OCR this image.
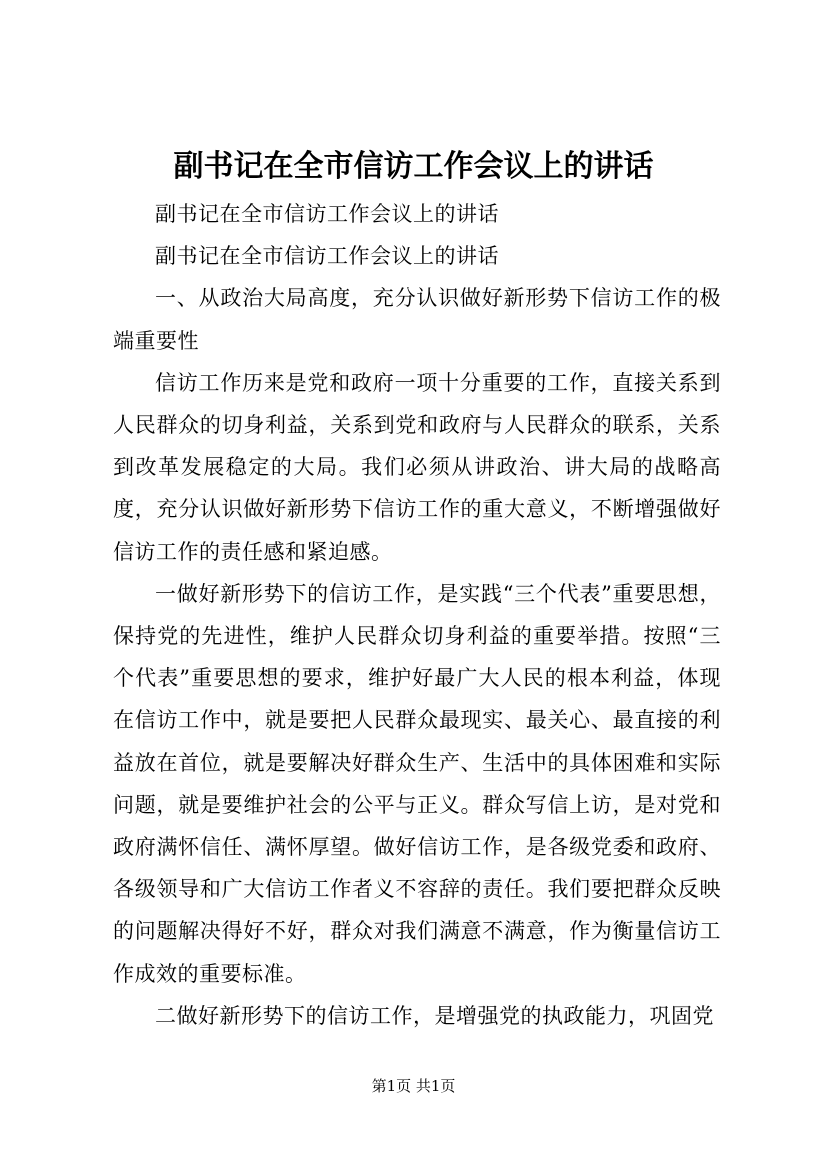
副书记在全市信访工作会议上的讲话

副书记在全市信访工作会议上的讲话

副书记在全市信访工作会议上的讲话

一、从政治大局高度，充分认识做好新形势下信访工作的极端重要性

信访工作历来是党和政府一项十分重要的工作，直接关系到人民群众的切身利益，关系到党和政府与人民群众的联系，关系到改革发展稳定的大局。我们必须从讲政治、讲大局的战略高度，充分认识做好新形势下信访工作的重大意义，不断增强做好信访工作的责任感和紧迫感。

一做好新形势下的信访工作，是实践“三个代表”重要思想，保持党的先进性，维护人民群众切身利益的重要举措。按照“三个代表”重要思想的要求，维护好最广大人民的根本利益，体现在信访工作中，就是要把人民群众最现实、最关心、最直接的利益放在首位，就是要解决好群众生产、生活中的具体困难和实际问题，就是要维护社会的公平与正义。群众写信上访，是对党和政府满怀信任、满怀厚望。做好信访工作，是各级党委和政府、各级领导和广大信访工作者义不容辞的责任。我们要把群众反映的问题解决得好不好，群众对我们满意不满意，作为衡量信访工作成效的重要标准。

二做好新形势下的信访工作，是增强党的执政能力，巩固党

第1页 共1页
